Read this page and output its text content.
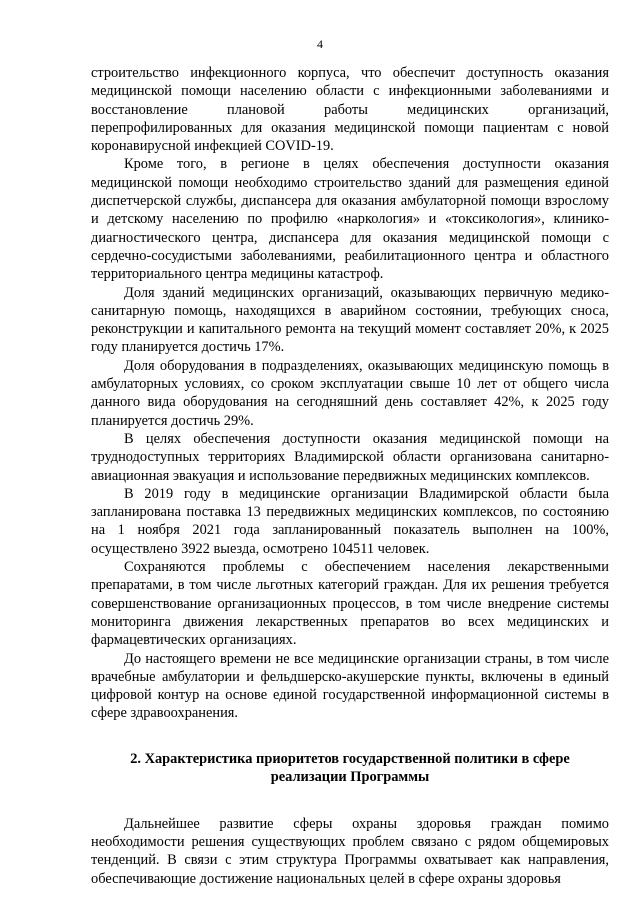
4

строительство инфекционного корпуса, что обеспечит доступность оказания медицинской помощи населению области с инфекционными заболеваниями и восстановление плановой работы медицинских организаций, перепрофилированных для оказания медицинской помощи пациентам с новой коронавирусной инфекцией COVID-19.

Кроме того, в регионе в целях обеспечения доступности оказания медицинской помощи необходимо строительство зданий для размещения единой диспетчерской службы, диспансера для оказания амбулаторной помощи взрослому и детскому населению по профилю «наркология» и «токсикология», клинико-диагностического центра, диспансера для оказания медицинской помощи с сердечно-сосудистыми заболеваниями, реабилитационного центра и областного территориального центра медицины катастроф.

Доля зданий медицинских организаций, оказывающих первичную медико-санитарную помощь, находящихся в аварийном состоянии, требующих сноса, реконструкции и капитального ремонта на текущий момент составляет 20%, к 2025 году планируется достичь 17%.

Доля оборудования в подразделениях, оказывающих медицинскую помощь в амбулаторных условиях, со сроком эксплуатации свыше 10 лет от общего числа данного вида оборудования на сегодняшний день составляет 42%, к 2025 году планируется достичь 29%.

В целях обеспечения доступности оказания медицинской помощи на труднодоступных территориях Владимирской области организована санитарно-авиационная эвакуация и использование передвижных медицинских комплексов.

В 2019 году в медицинские организации Владимирской области была запланирована поставка 13 передвижных медицинских комплексов, по состоянию на 1 ноября 2021 года запланированный показатель выполнен на 100%, осуществлено 3922 выезда, осмотрено 104511 человек.

Сохраняются проблемы с обеспечением населения лекарственными препаратами, в том числе льготных категорий граждан. Для их решения требуется совершенствование организационных процессов, в том числе внедрение системы мониторинга движения лекарственных препаратов во всех медицинских и фармацевтических организациях.

До настоящего времени не все медицинские организации страны, в том числе врачебные амбулатории и фельдшерско-акушерские пункты, включены в единый цифровой контур на основе единой государственной информационной системы в сфере здравоохранения.

2. Характеристика приоритетов государственной политики в сфере
реализации Программы

Дальнейшее развитие сферы охраны здоровья граждан помимо необходимости решения существующих проблем связано с рядом общемировых тенденций. В связи с этим структура Программы охватывает как направления, обеспечивающие достижение национальных целей в сфере охраны здоровья
